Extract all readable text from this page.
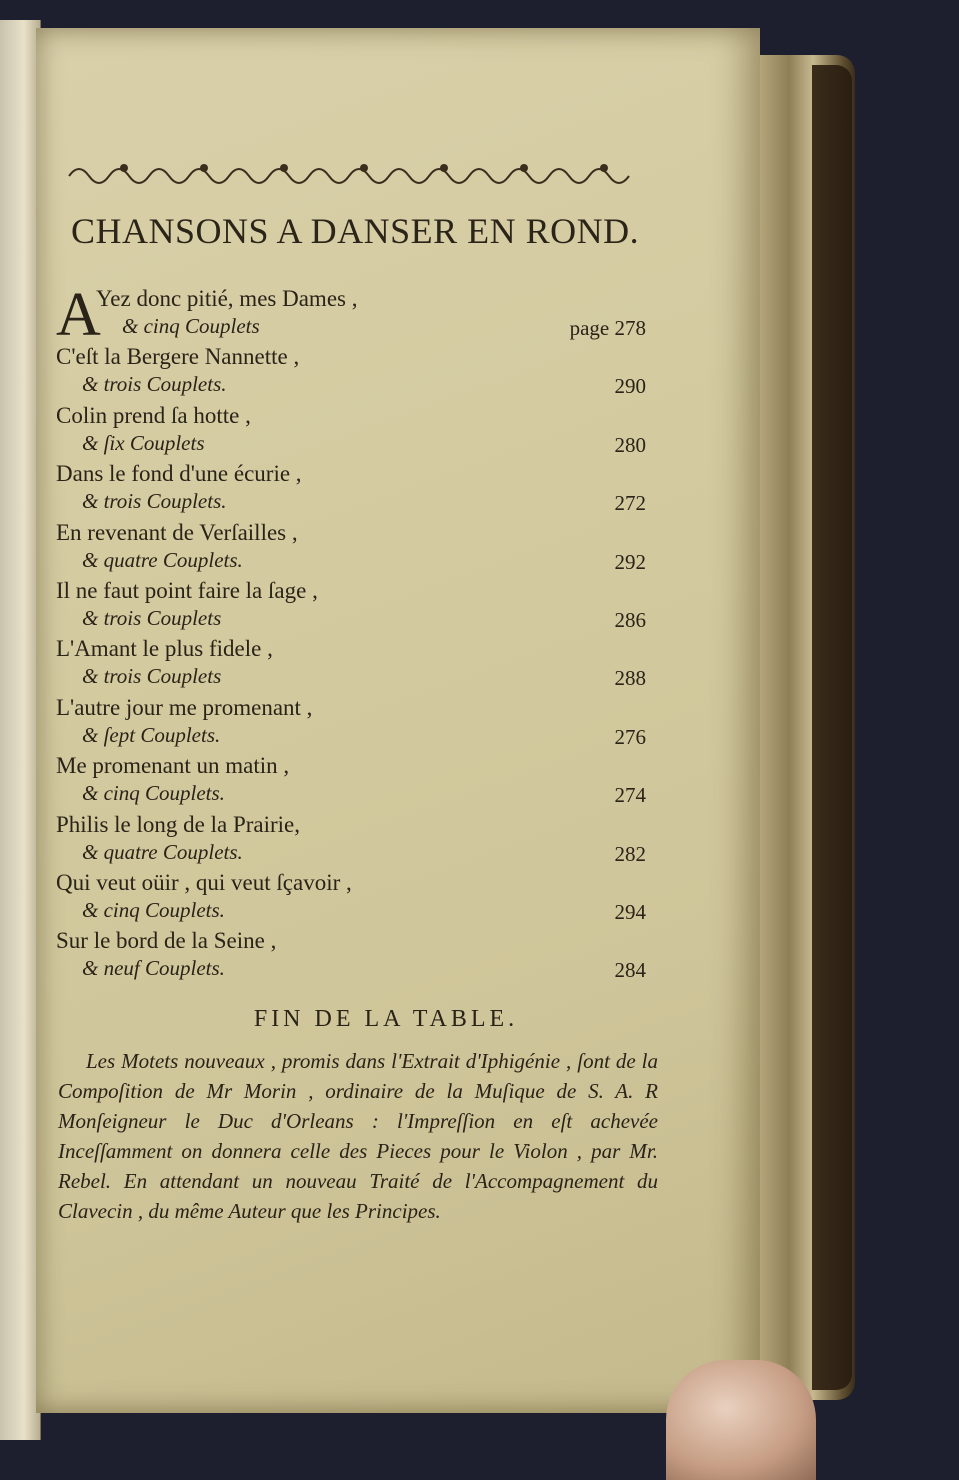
CHANSONS A DANSER EN ROND.
A
Yez donc pitié, mes Dames ,
& cinq Couplets	page 278
C'eſt la Bergere Nannette ,
& trois Couplets.	290
Colin prend ſa hotte ,
& ſix Couplets	280
Dans le fond d'une écurie ,
& trois Couplets.	272
En revenant de Verſailles ,
& quatre Couplets.	292
Il ne faut point faire la ſage ,
& trois Couplets	286
L'Amant le plus fidele ,
& trois Couplets	288
L'autre jour me promenant ,
& ſept Couplets.	276
Me promenant un matin ,
& cinq Couplets.	274
Philis le long de la Prairie,
& quatre Couplets.	282
Qui veut oüir , qui veut ſçavoir ,
& cinq Couplets.	294
Sur le bord de la Seine ,
& neuf Couplets.	284
FIN DE LA TABLE.
Les Motets nouveaux , promis dans l'Extrait d'Iphigénie , ſont de la Compoſition de Mr Morin , ordinaire de la Muſique de S. A. R Monſeigneur le Duc d'Orleans : l'Impreſſion en eſt achevée Inceſſamment on donnera celle des Pieces pour le Violon , par Mr. Rebel. En attendant un nouveau Traité de l'Accompagnement du Clavecin , du même Auteur que les Principes.
